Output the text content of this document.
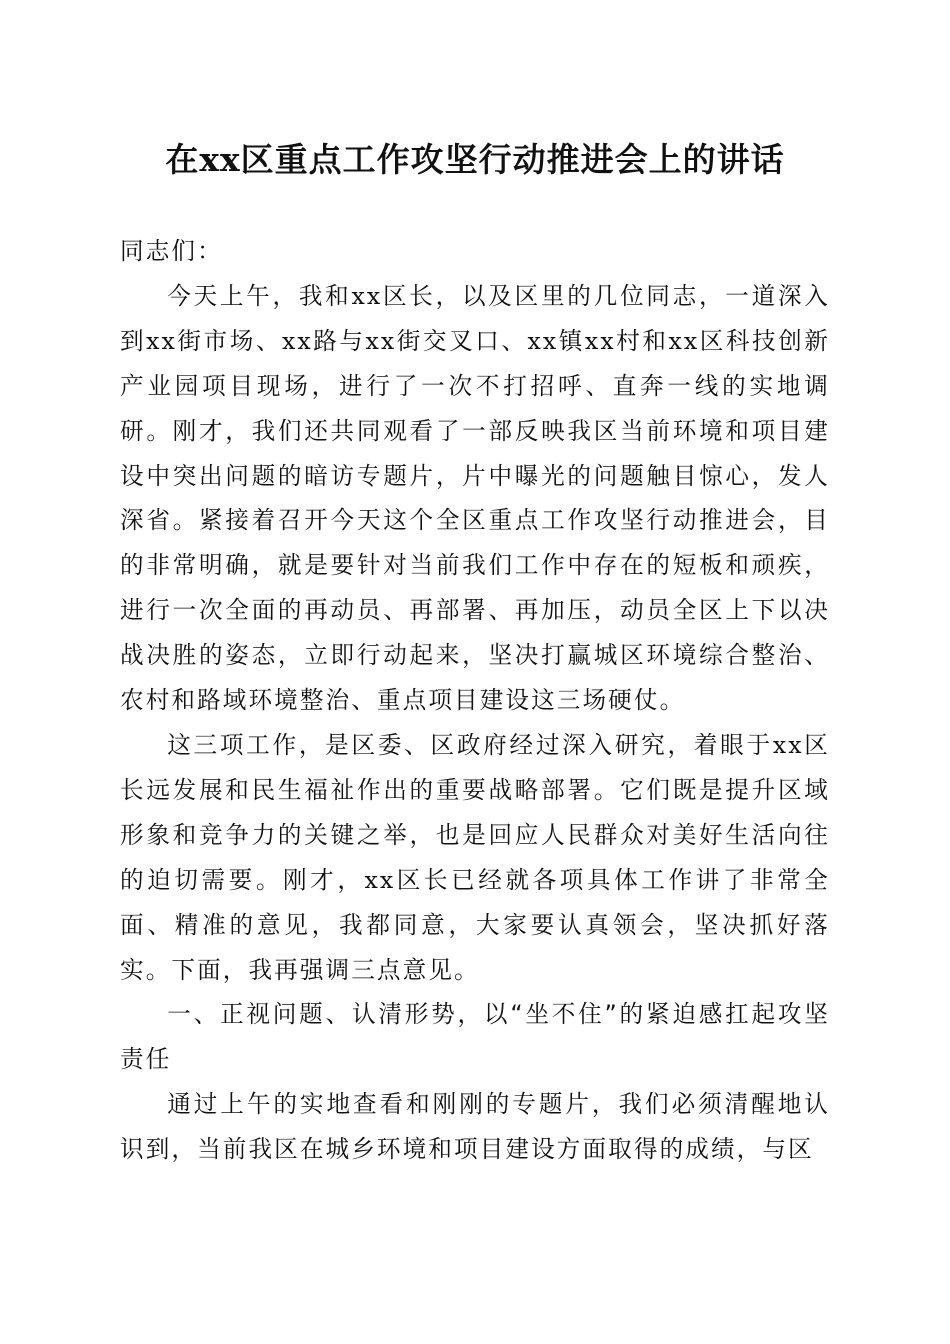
在xx区重点工作攻坚行动推进会上的讲话

同志们：

今天上午，我和xx区长，以及区里的几位同志，一道深入到xx街市场、xx路与xx街交叉口、xx镇xx村和xx区科技创新产业园项目现场，进行了一次不打招呼、直奔一线的实地调研。刚才，我们还共同观看了一部反映我区当前环境和项目建设中突出问题的暗访专题片，片中曝光的问题触目惊心，发人深省。紧接着召开今天这个全区重点工作攻坚行动推进会，目的非常明确，就是要针对当前我们工作中存在的短板和顽疾，进行一次全面的再动员、再部署、再加压，动员全区上下以决战决胜的姿态，立即行动起来，坚决打赢城区环境综合整治、农村和路域环境整治、重点项目建设这三场硬仗。

这三项工作，是区委、区政府经过深入研究，着眼于xx区长远发展和民生福祉作出的重要战略部署。它们既是提升区域形象和竞争力的关键之举，也是回应人民群众对美好生活向往的迫切需要。刚才，xx区长已经就各项具体工作讲了非常全面、精准的意见，我都同意，大家要认真领会，坚决抓好落实。下面，我再强调三点意见。

一、正视问题、认清形势，以“坐不住”的紧迫感扛起攻坚责任

通过上午的实地查看和刚刚的专题片，我们必须清醒地认识到，当前我区在城乡环境和项目建设方面取得的成绩，与区
